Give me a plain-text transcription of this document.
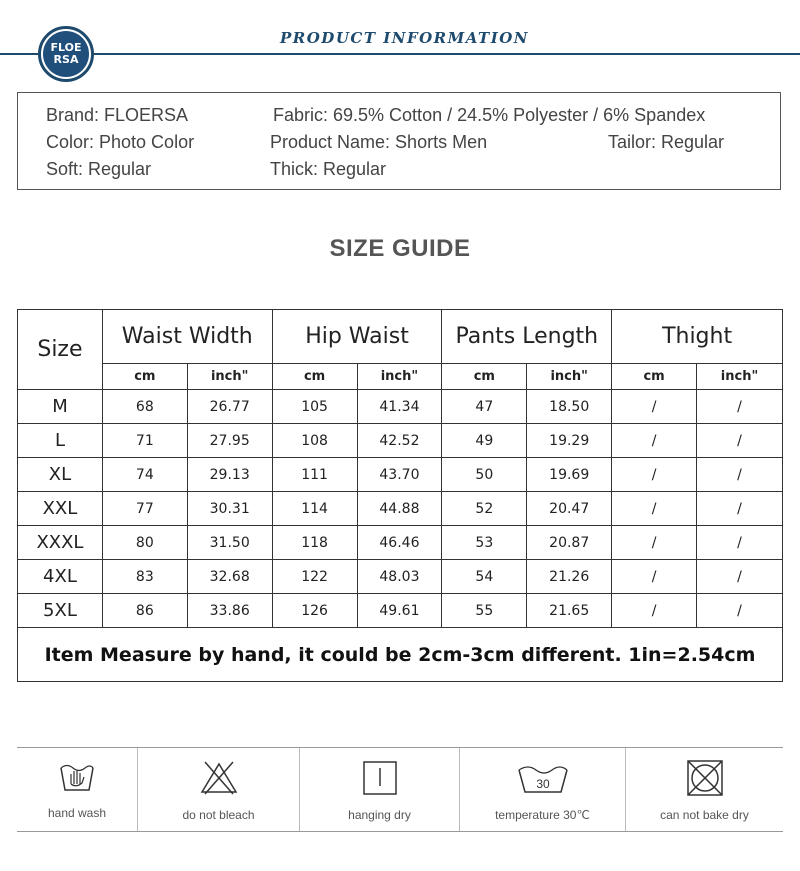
FLOE
RSA
PRODUCT INFORMATION
Brand: FLOERSA	Fabric: 69.5% Cotton / 24.5% Polyester / 6% Spandex
Color: Photo Color	Product Name: Shorts Men	Tailor: Regular
Soft: Regular	Thick: Regular
SIZE GUIDE
Size	Waist Width		Hip Waist		Pants Length		Thight	
	cm	inch"	cm	inch"	cm	inch"	cm	inch"
M	68	26.77	105	41.34	47	18.50	/	/
L	71	27.95	108	42.52	49	19.29	/	/
XL	74	29.13	111	43.70	50	19.69	/	/
XXL	77	30.31	114	44.88	52	20.47	/	/
XXXL	80	31.50	118	46.46	53	20.87	/	/
4XL	83	32.68	122	48.03	54	21.26	/	/
5XL	86	33.86	126	49.61	55	21.65	/	/
Item Measure by hand, it could be 2cm-3cm different. 1in=2.54cm								
hand wash	do not bleach	hanging dry
30
temperature 30℃	can not bake dry
